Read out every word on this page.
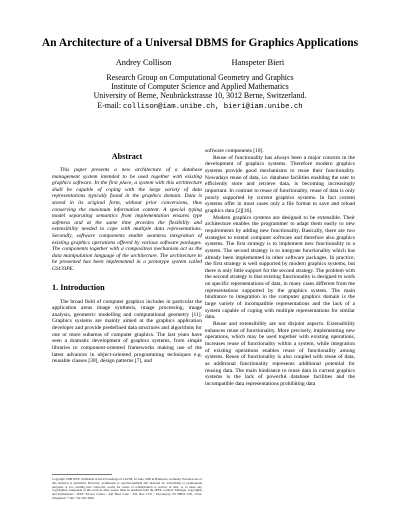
An Architecture of a Universal DBMS for Graphics Applications
Andrey Collison	Hanspeter Bieri
Research Group on Computational Geometry and Graphics
Institute of Computer Science and Applied Mathematics
University of Berne, Neubrückstrasse 10, 3012 Berne, Switzerland.
E-mail: collison@iam.unibe.ch, bieri@iam.unibe.ch
Abstract

This paper presents a new architecture of a database management system intended to be used together with existing graphics software. In the first place, a system with this architecture shall be capable of coping with the large variety of data representations typically found in the graphics domain. Data is stored in its original form, without prior conversions, thus conserving the maximum information content. A special typing model separating semantics from implementation ensures type safeness and at the same time provides the flexibility and extensibility needed to cope with multiple data representations. Secondly, software components enable seamless integration of existing graphics operations offered by various software packages. The components together with a composition mechanism act as the data manipulation language of the architecture. The architecture to be presented has been implemented in a prototype system called GSCOPE.

1. Introduction

The broad field of computer graphics includes in particular the application areas image synthesis, image processing, image analysis, geometric modelling and computational geometry [11]. Graphics systems are mainly aimed at the graphics application developer and provide predefined data structures and algorithms for one or more subareas of computer graphics. The last years have seen a dramatic development of graphics systems, from simple libraries to component-oriented frameworks making use of the latest advances in object-oriented programming techniques e.g. reusable classes [30], design patterns [7], and

Copyright 1998 IEEE. Published in the Proceedings of CGI'98, 22 June 1998 in Hannover, Germany. Personal use of this material is permitted. However, permission to reprint/republish this material for advertising or promotional purposes or for creating new collective works for resale or redistribution to servers or lists, or to reuse any copyrighted component of this work in other works, must be obtained from the IEEE. Contact: Manager, Copyrights and Permissions / IEEE Service Center / 445 Hoes Lane / P.O. Box 1331 / Piscataway, NJ 08855-1331, USA. Telephone: + Intl. 732-562-3966.

software components [18].

Reuse of functionality has always been a major concern in the development of graphics systems. Therefore modern graphics systems provide good mechanisms to reuse their functionality. Nowadays reuse of data, i.e. database facilities enabling the user to efficiently store and retrieve data, is becoming increasingly important. In contrast to reuse of functionality, reuse of data is only poorly supported by current graphics systems. In fact current systems offer in most cases only a file format to save and reload graphics data [2][16].

Modern graphics systems are designed to be extensible. Their architecture enables the programmer to adapt them easily to new requirements by adding new functionality. Basically, there are two strategies to extend computer software and therefore also graphics systems. The first strategy is to implement new functionality in a system. The second strategy is to integrate functionality which has already been implemented in other software packages. In practice, the first strategy is well supported by modern graphics systems, but there is only little support for the second strategy. The problem with the second strategy is that existing functionality is designed to work on specific representations of data, in many cases different from the representations supported by the graphics system. The main hindrance to integration in the computer graphics domain is the large variety of incompatible representations and the lack of a system capable of coping with multiple representations for similar data.

Reuse and extensibility are not disjoint aspects. Extensibility enhances reuse of functionality. More precisely, implementing new operations, which may be used together with existing operations, increases reuse of functionality within a system, while integration of existing operations enables reuse of functionality among systems. Reuse of functionality is also coupled with reuse of data, as additional functionality represents additional potential for reusing data. The main hindrance to reuse data in current graphics systems is the lack of powerful database facilities and the incompatible data representations prohibiting data
